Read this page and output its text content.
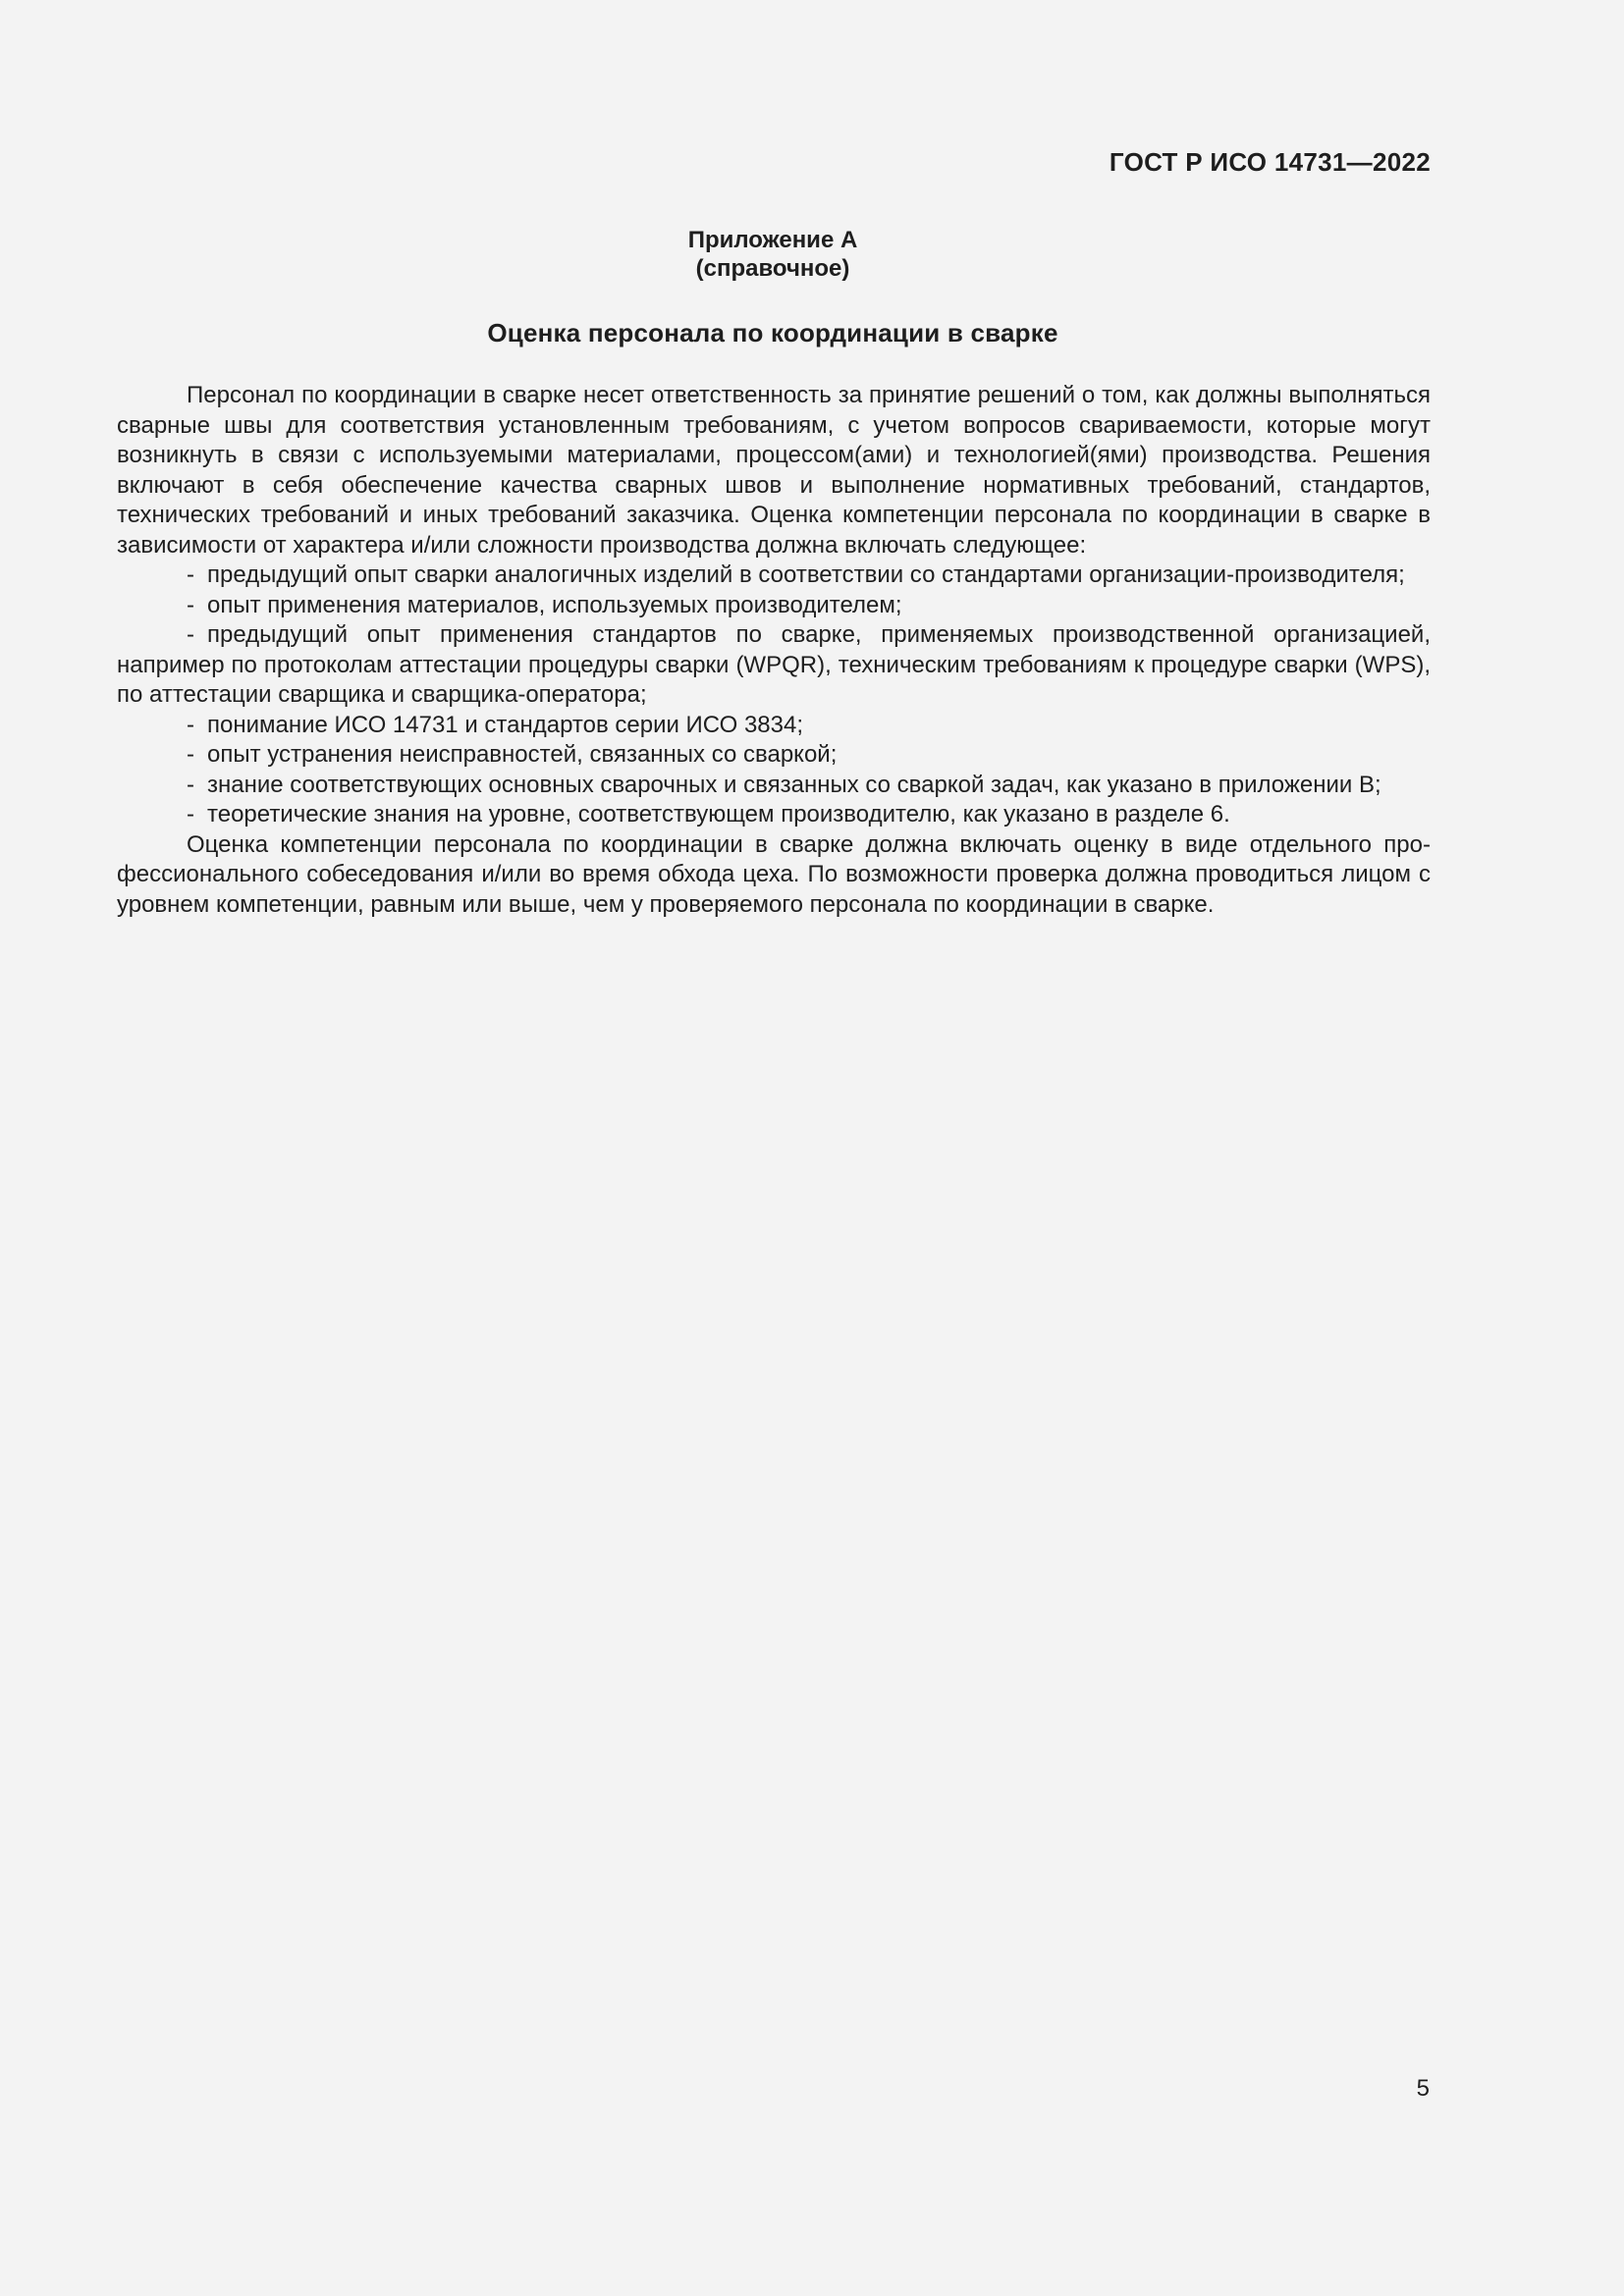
ГОСТ Р ИСО 14731—2022
Приложение А
(справочное)
Оценка персонала по координации в сварке

Персонал по координации в сварке несет ответственность за принятие решений о том, как должны выполняться сварные швы для соответствия установленным требованиям, с учетом вопросов свариваемости, которые могут возникнуть в связи с используемыми материалами, процессом(ами) и технологией(ями) производства. Решения включают в себя обеспечение качества сварных швов и выполнение нормативных требований, стандартов, технических требований и иных требований заказчика. Оценка компетенции персонала по координации в сварке в зависимости от характера и/или сложности производства должна включать следующее:

- предыдущий опыт сварки аналогичных изделий в соответствии со стандартами организации-производителя;
- опыт применения материалов, используемых производителем;
- предыдущий опыт применения стандартов по сварке, применяемых производственной организацией, например по протоколам аттестации процедуры сварки (WPQR), техническим требованиям к процедуре сварки (WPS), по аттестации сварщика и сварщика-оператора;
- понимание ИСО 14731 и стандартов серии ИСО 3834;
- опыт устранения неисправностей, связанных со сваркой;
- знание соответствующих основных сварочных и связанных со сваркой задач, как указано в приложении В;
- теоретические знания на уровне, соответствующем производителю, как указано в разделе 6.

Оценка компетенции персонала по координации в сварке должна включать оценку в виде отдельного профессионального собеседования и/или во время обхода цеха. По возможности проверка должна проводиться лицом с уровнем компетенции, равным или выше, чем у проверяемого персонала по координации в сварке.

5
